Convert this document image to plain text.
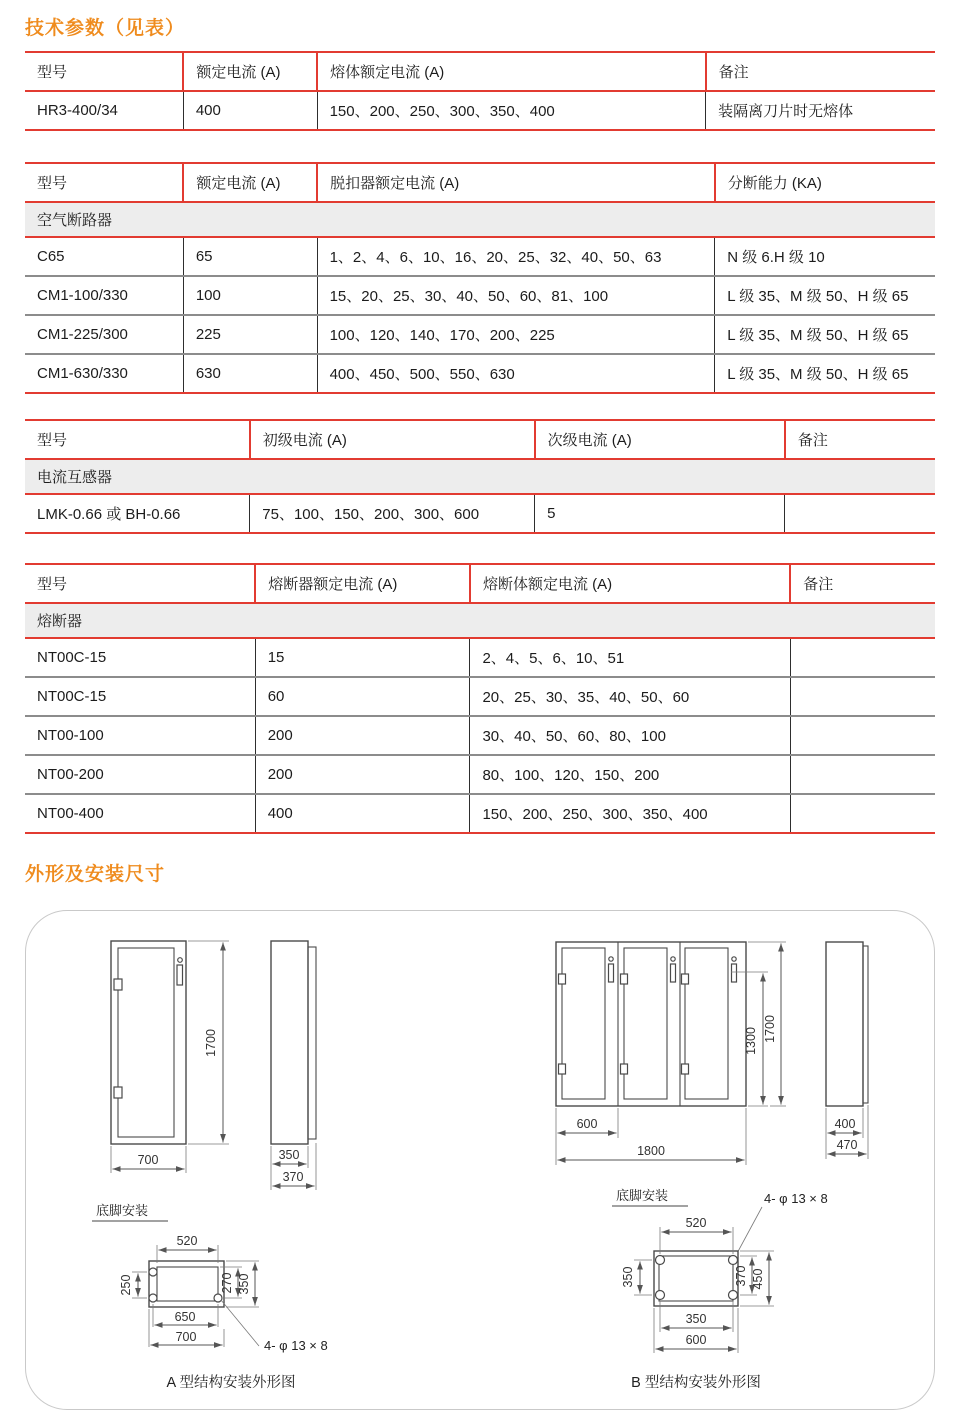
技术参数（见表）
型号	额定电流 (A)	熔体额定电流 (A)	备注
HR3-400/34	400	150、200、250、300、350、400	装隔离刀片时无熔体
空气断路器			
型号	额定电流 (A)	脱扣器额定电流 (A)	分断能力 (KA)
C65	65	1、2、4、6、10、16、20、25、32、40、50、63	N 级 6.H 级 10
CM1-100/330	100	15、20、25、30、40、50、60、81、100	L 级 35、M 级 50、H 级 65
CM1-225/300	225	100、120、140、170、200、225	L 级 35、M 级 50、H 级 65
CM1-630/330	630	400、450、500、550、630	L 级 35、M 级 50、H 级 65
电流互感器			
型号	初级电流 (A)	次级电流 (A)	备注
LMK-0.66 或 BH-0.66	75、100、150、200、300、600	5	
熔断器			
型号	熔断器额定电流 (A)	熔断体额定电流 (A)	备注
NT00C-15	15	2、4、5、6、10、51	
NT00C-15	60	20、25、30、35、40、50、60	
NT00-100	200	30、40、50、60、80、100	
NT00-200	200	80、100、120、150、200	
NT00-400	400	150、200、250、300、350、400	
外形及安装尺寸
1700
700	350
370
底脚安装
520
250	270 350
650
700
4- φ 13 × 8
A 型结构安装外形图
1300 1700
600
1800
400
470
底脚安装	4- φ 13 × 8
520
350	370 450
350
600
B 型结构安装外形图
